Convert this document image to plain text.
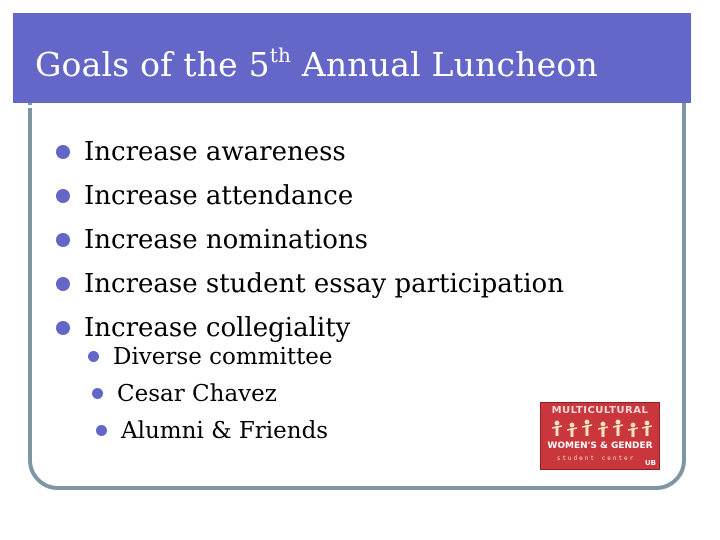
Goals of the 5th Annual Luncheon
Increase awareness
Increase attendance
Increase nominations
Increase student essay participation
Increase collegiality
Diverse committee
Cesar Chavez
Alumni & Friends
MULTICULTURAL
WOMEN'S & GENDER
student center
UB
